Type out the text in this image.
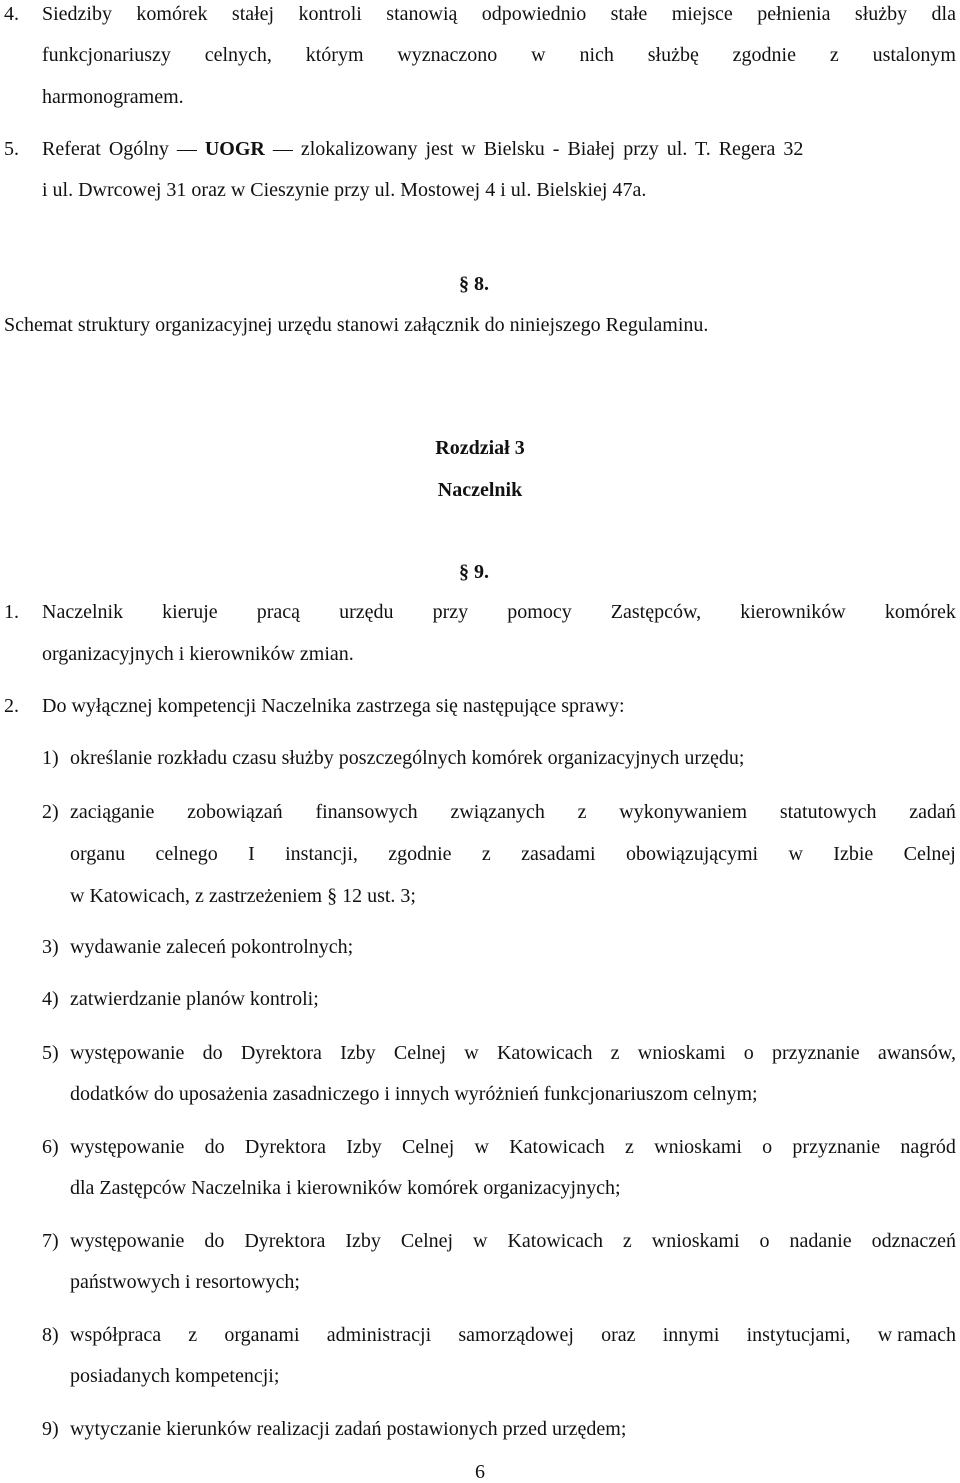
4. Siedziby komórek stałej kontroli stanowią odpowiednio stałe miejsce pełnienia służby dla
funkcjonariuszy celnych, którym wyznaczono w nich służbę zgodnie z ustalonym
harmonogramem.
5. Referat Ogólny — UOGR — zlokalizowany jest w Bielsku - Białej przy ul. T. Regera 32
i ul. Dwrcowej 31 oraz w Cieszynie przy ul. Mostowej 4 i ul. Bielskiej 47a.
§ 8.
Schemat struktury organizacyjnej urzędu stanowi załącznik do niniejszego Regulaminu.
Rozdział 3
Naczelnik
§ 9.
1. Naczelnik kieruje pracą urzędu przy pomocy Zastępców, kierowników komórek
organizacyjnych i kierowników zmian.
2. Do wyłącznej kompetencji Naczelnika zastrzega się następujące sprawy:
1) określanie rozkładu czasu służby poszczególnych komórek organizacyjnych urzędu;
2) zaciąganie zobowiązań finansowych związanych z wykonywaniem statutowych zadań
organu celnego I instancji, zgodnie z zasadami obowiązującymi w Izbie Celnej
w Katowicach, z zastrzeżeniem § 12 ust. 3;
3) wydawanie zaleceń pokontrolnych;
4) zatwierdzanie planów kontroli;
5) występowanie do Dyrektora Izby Celnej w Katowicach z wnioskami o przyznanie awansów,
dodatków do uposażenia zasadniczego i innych wyróżnień funkcjonariuszom celnym;
6) występowanie do Dyrektora Izby Celnej w Katowicach z wnioskami o przyznanie nagród
dla Zastępców Naczelnika i kierowników komórek organizacyjnych;
7) występowanie do Dyrektora Izby Celnej w Katowicach z wnioskami o nadanie odznaczeń
państwowych i resortowych;
8) współpraca z organami administracji samorządowej oraz innymi instytucjami, w ramach
posiadanych kompetencji;
9) wytyczanie kierunków realizacji zadań postawionych przed urzędem;
6
